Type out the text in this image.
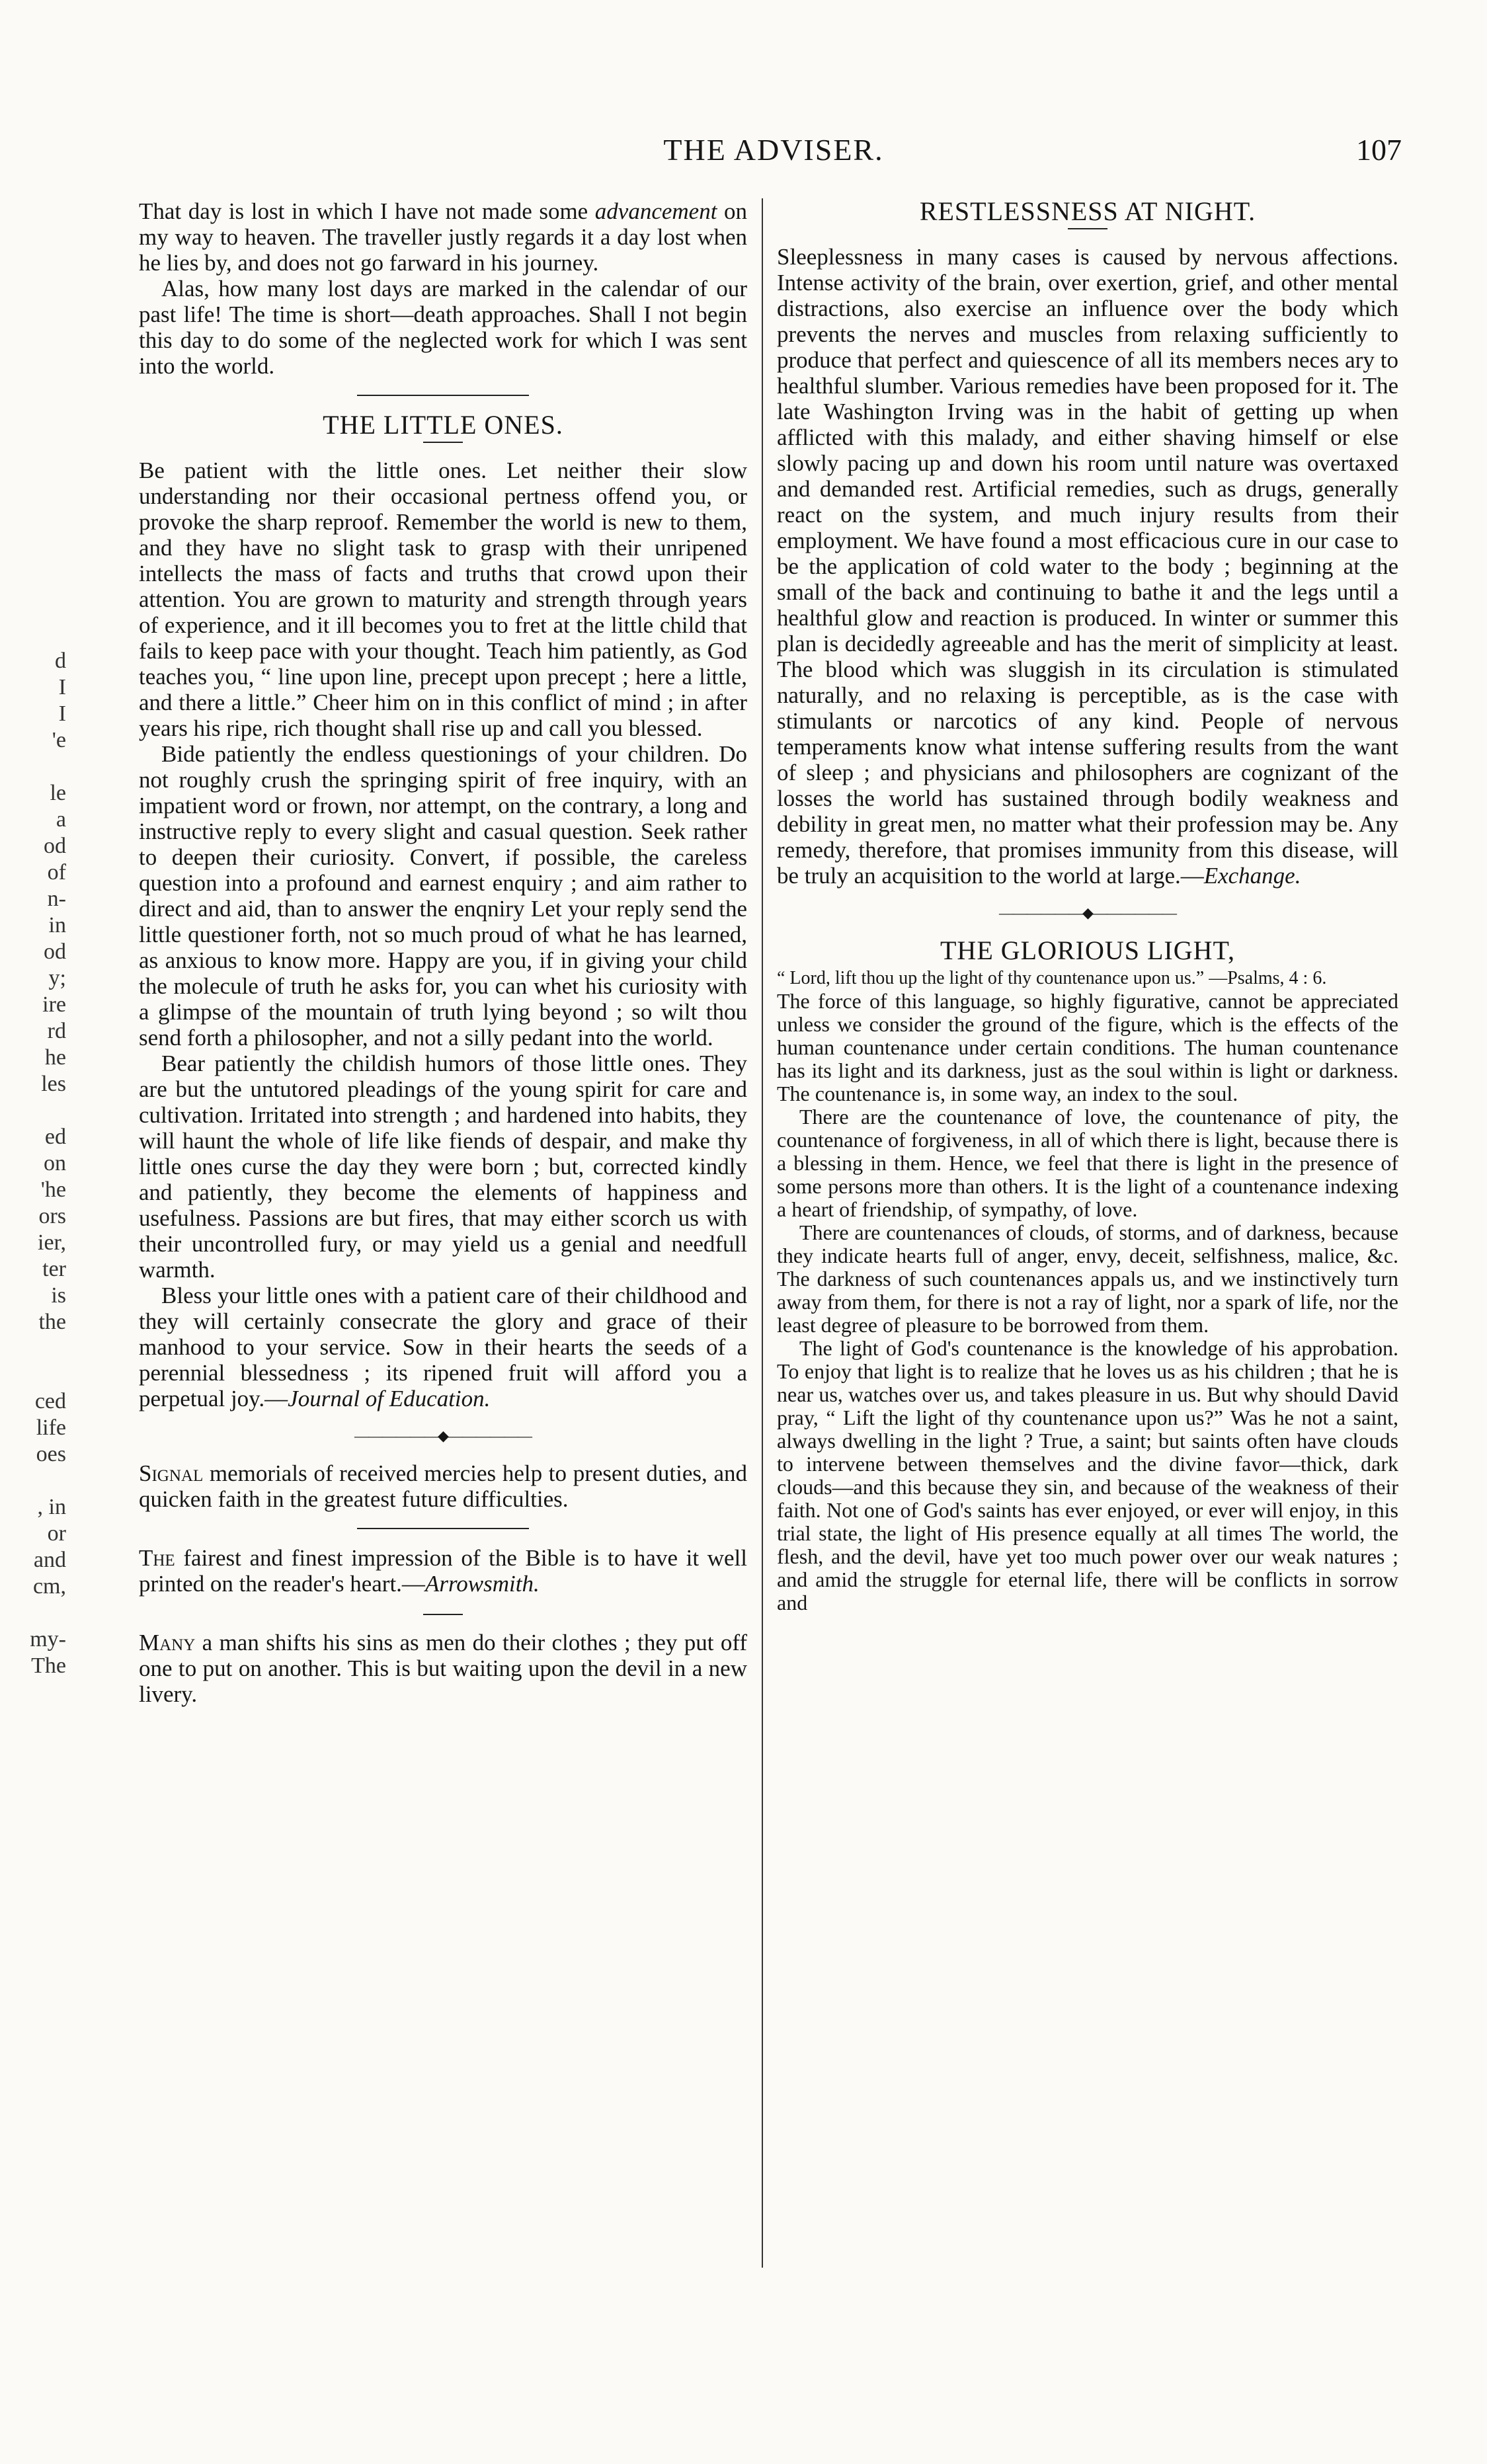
THE ADVISER.	107
d
I
I
'e
le
a
od
of
n-
in
od
y;
ire
rd
he
les
ed
on
'he
ors
ier,
ter
is
the
ced
life
oes
, in
or
and
cm,
my-
The

That day is lost in which I have not made some advancement on my way to heaven. The traveller justly regards it a day lost when he lies by, and does not go farward in his journey.

Alas, how many lost days are marked in the calendar of our past life! The time is short—death approaches. Shall I not begin this day to do some of the neglected work for which I was sent into the world.

THE LITTLE ONES.

Be patient with the little ones. Let neither their slow understanding nor their occasional pertness offend you, or provoke the sharp reproof. Remember the world is new to them, and they have no slight task to grasp with their unripened intellects the mass of facts and truths that crowd upon their attention. You are grown to maturity and strength through years of experience, and it ill becomes you to fret at the little child that fails to keep pace with your thought. Teach him patiently, as God teaches you, “ line upon line, precept upon precept ; here a little, and there a little.” Cheer him on in this conflict of mind ; in after years his ripe, rich thought shall rise up and call you blessed.

Bide patiently the endless questionings of your children. Do not roughly crush the springing spirit of free inquiry, with an impatient word or frown, nor attempt, on the contrary, a long and instructive reply to every slight and casual question. Seek rather to deepen their curiosity. Convert, if possible, the careless question into a profound and earnest enquiry ; and aim rather to direct and aid, than to answer the enqniry Let your reply send the little questioner forth, not so much proud of what he has learned, as anxious to know more. Happy are you, if in giving your child the molecule of truth he asks for, you can whet his curiosity with a glimpse of the mountain of truth lying beyond ; so wilt thou send forth a philosopher, and not a silly pedant into the world.

Bear patiently the childish humors of those little ones. They are but the untutored pleadings of the young spirit for care and cultivation. Irritated into strength ; and hardened into habits, they will haunt the whole of life like fiends of despair, and make thy little ones curse the day they were born ; but, corrected kindly and patiently, they become the elements of happiness and usefulness. Passions are but fires, that may either scorch us with their uncontrolled fury, or may yield us a genial and needfull warmth.

Bless your little ones with a patient care of their childhood and they will certainly consecrate the glory and grace of their manhood to your service. Sow in their hearts the seeds of a perennial blessedness ; its ripened fruit will afford you a perpetual joy.—Journal of Education.

——————◆——————

Signal memorials of received mercies help to present duties, and quicken faith in the greatest future difficulties.

The fairest and finest impression of the Bible is to have it well printed on the reader's heart.—Arrowsmith.

Many a man shifts his sins as men do their clothes ; they put off one to put on another. This is but waiting upon the devil in a new livery.

RESTLESSNESS AT NIGHT.

Sleeplessness in many cases is caused by nervous affections. Intense activity of the brain, over exertion, grief, and other mental distractions, also exercise an influence over the body which prevents the nerves and muscles from relaxing sufficiently to produce that perfect and quiescence of all its members neces ary to healthful slumber. Various remedies have been proposed for it. The late Washington Irving was in the habit of getting up when afflicted with this malady, and either shaving himself or else slowly pacing up and down his room until nature was overtaxed and demanded rest. Artificial remedies, such as drugs, generally react on the system, and much injury results from their employment. We have found a most efficacious cure in our case to be the application of cold water to the body ; beginning at the small of the back and continuing to bathe it and the legs until a healthful glow and reaction is produced. In winter or summer this plan is decidedly agreeable and has the merit of simplicity at least. The blood which was sluggish in its circulation is stimulated naturally, and no relaxing is perceptible, as is the case with stimulants or narcotics of any kind. People of nervous temperaments know what intense suffering results from the want of sleep ; and physicians and philosophers are cognizant of the losses the world has sustained through bodily weakness and debility in great men, no matter what their profession may be. Any remedy, therefore, that promises immunity from this disease, will be truly an acquisition to the world at large.—Exchange.

——————◆——————
THE GLORIOUS LIGHT,

“ Lord, lift thou up the light of thy countenance upon us.” —Psalms, 4 : 6.

The force of this language, so highly figurative, cannot be appreciated unless we consider the ground of the figure, which is the effects of the human countenance under certain conditions. The human countenance has its light and its darkness, just as the soul within is light or darkness. The countenance is, in some way, an index to the soul.

There are the countenance of love, the countenance of pity, the countenance of forgiveness, in all of which there is light, because there is a blessing in them. Hence, we feel that there is light in the presence of some persons more than others. It is the light of a countenance indexing a heart of friendship, of sympathy, of love.

There are countenances of clouds, of storms, and of darkness, because they indicate hearts full of anger, envy, deceit, selfishness, malice, &c. The darkness of such countenances appals us, and we instinctively turn away from them, for there is not a ray of light, nor a spark of life, nor the least degree of pleasure to be borrowed from them.

The light of God's countenance is the knowledge of his approbation. To enjoy that light is to realize that he loves us as his children ; that he is near us, watches over us, and takes pleasure in us. But why should David pray, “ Lift the light of thy countenance upon us?” Was he not a saint, always dwelling in the light ? True, a saint; but saints often have clouds to intervene between themselves and the divine favor—thick, dark clouds—and this because they sin, and because of the weakness of their faith. Not one of God's saints has ever enjoyed, or ever will enjoy, in this trial state, the light of His presence equally at all times The world, the flesh, and the devil, have yet too much power over our weak natures ; and amid the struggle for eternal life, there will be conflicts in sorrow and
